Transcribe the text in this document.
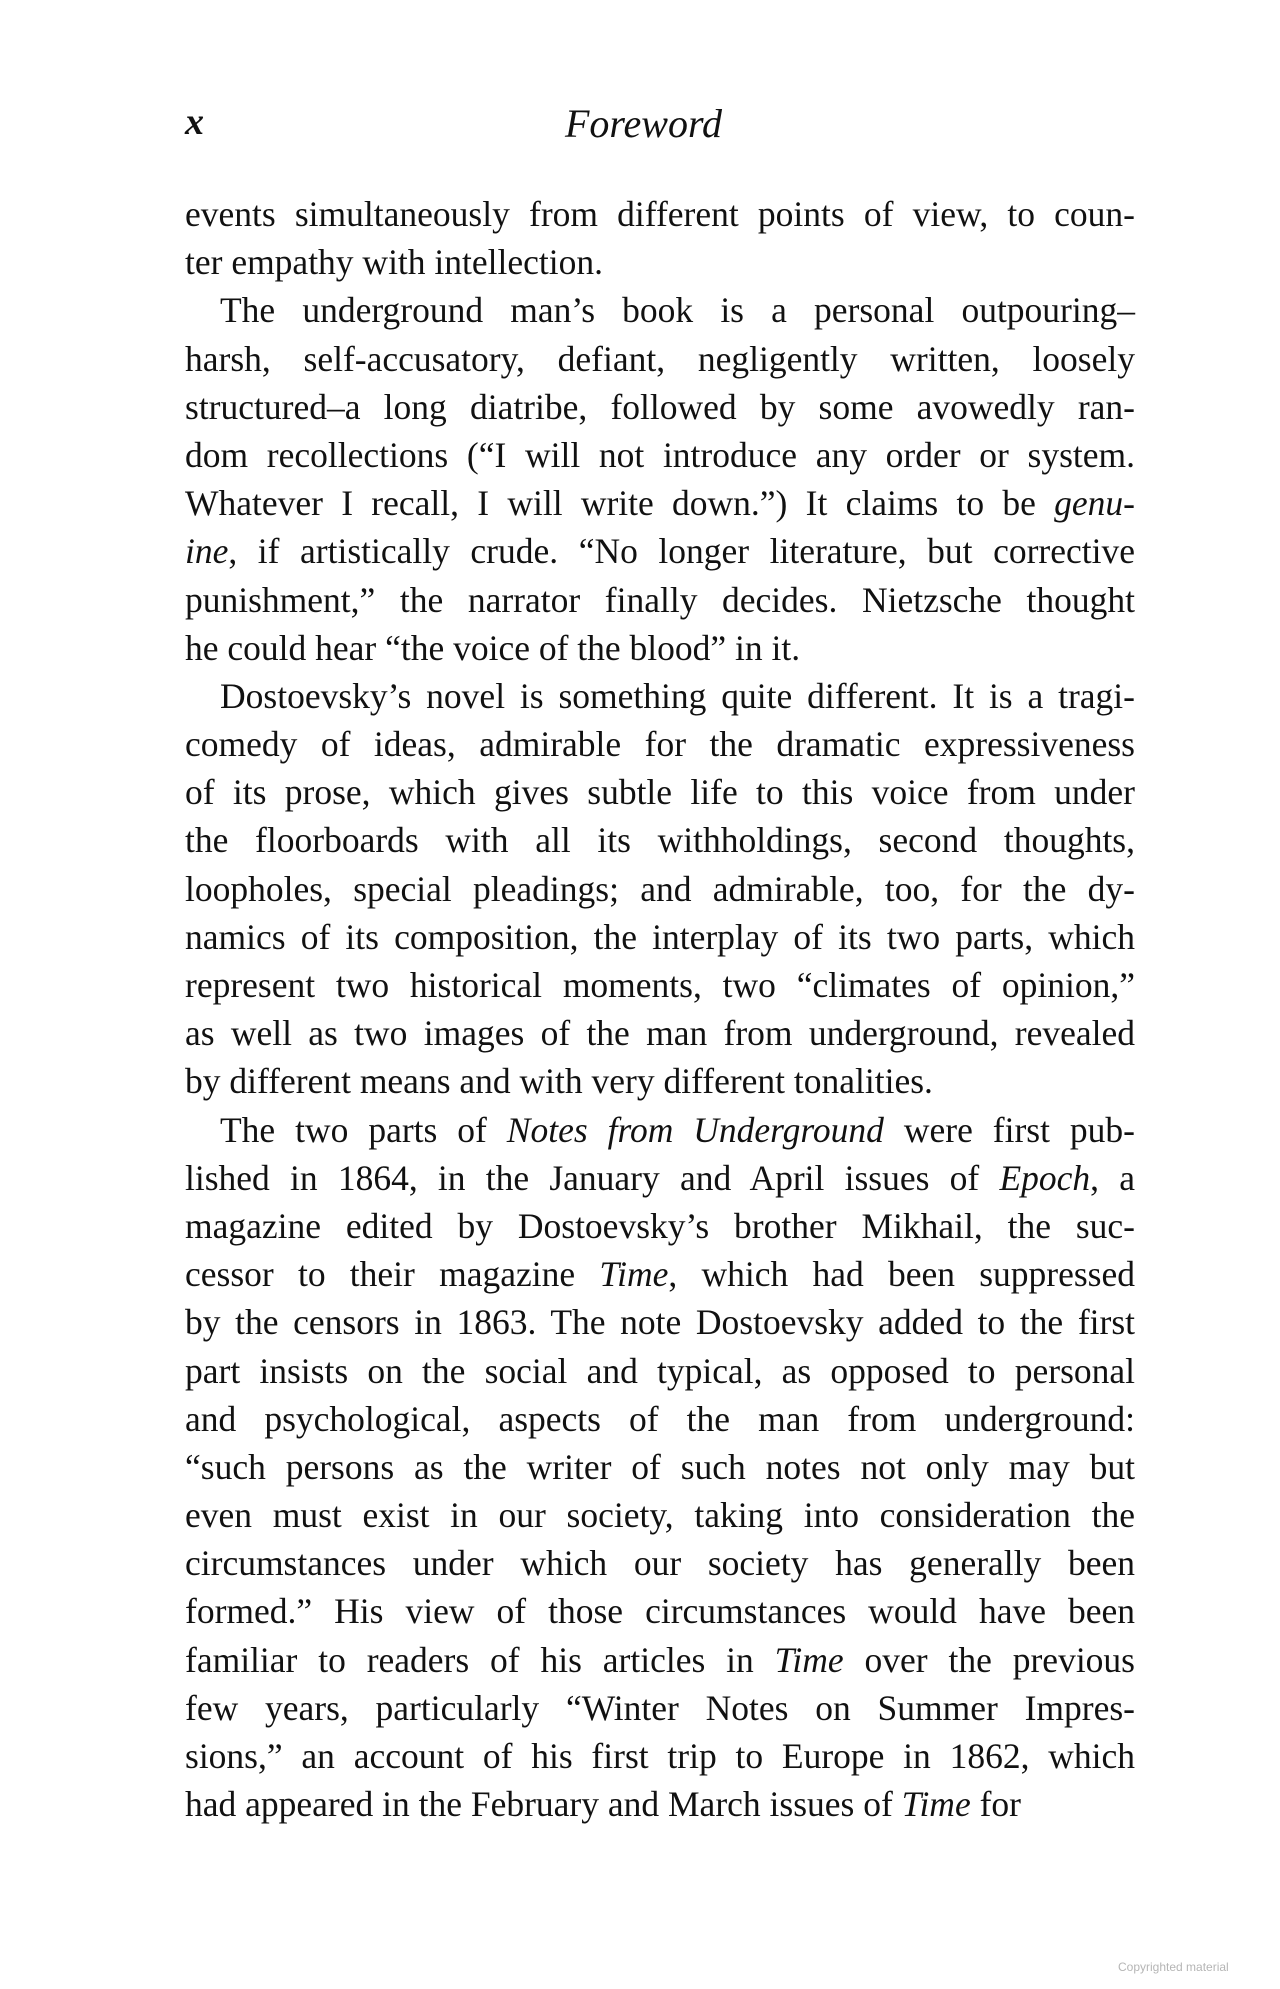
x	Foreword
events simultaneously from different points of view, to coun-
ter empathy with intellection.
The underground man’s book is a personal outpouring–
harsh, self-accusatory, defiant, negligently written, loosely
structured–a long diatribe, followed by some avowedly ran-
dom recollections (“I will not introduce any order or system.
Whatever I recall, I will write down.”) It claims to be genu-
ine, if artistically crude. “No longer literature, but corrective
punishment,” the narrator finally decides. Nietzsche thought
he could hear “the voice of the blood” in it.
Dostoevsky’s novel is something quite different. It is a tragi-
comedy of ideas, admirable for the dramatic expressiveness
of its prose, which gives subtle life to this voice from under
the floorboards with all its withholdings, second thoughts,
loopholes, special pleadings; and admirable, too, for the dy-
namics of its composition, the interplay of its two parts, which
represent two historical moments, two “climates of opinion,”
as well as two images of the man from underground, revealed
by different means and with very different tonalities.
The two parts of Notes from Underground were first pub-
lished in 1864, in the January and April issues of Epoch, a
magazine edited by Dostoevsky’s brother Mikhail, the suc-
cessor to their magazine Time, which had been suppressed
by the censors in 1863. The note Dostoevsky added to the first
part insists on the social and typical, as opposed to personal
and psychological, aspects of the man from underground:
“such persons as the writer of such notes not only may but
even must exist in our society, taking into consideration the
circumstances under which our society has generally been
formed.” His view of those circumstances would have been
familiar to readers of his articles in Time over the previous
few years, particularly “Winter Notes on Summer Impres-
sions,” an account of his first trip to Europe in 1862, which
had appeared in the February and March issues of Time for
Copyrighted material
